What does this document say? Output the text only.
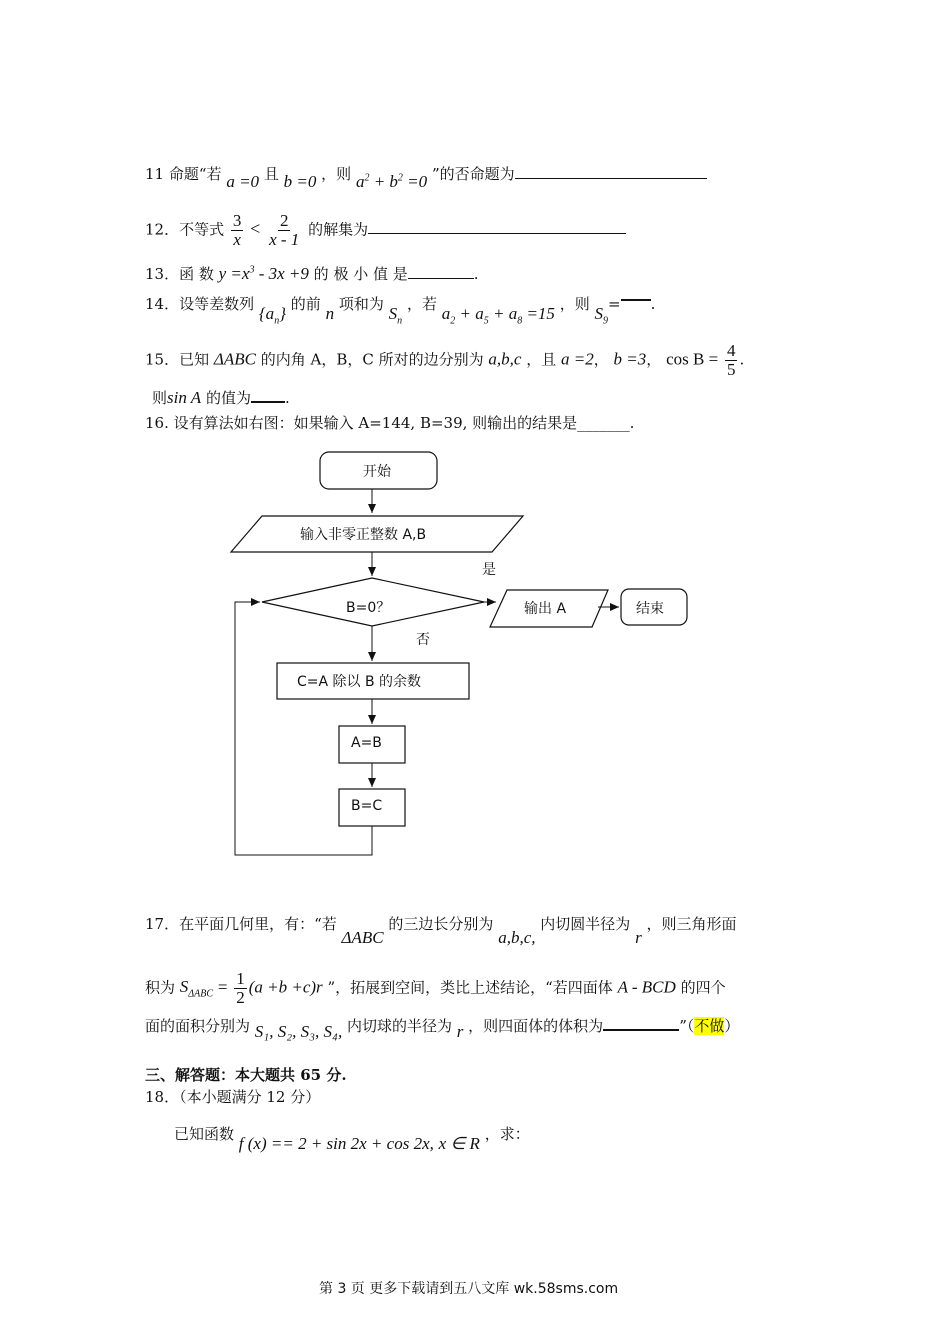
11 命题“若 a =0 且 b =0 ，则 $a^2 + b^2 =0$ ”的否命题为
12．不等式 $\frac{3}{x} < \frac{2}{x - 1}$ 的解集为
13．函 数 $y =x^3 - 3x +9$ 的 极 小 值 是	.
14．设等差数列 $\{a_n\}$ 的前 n 项和为 $S_n$ ，若 $a_2 + a_5 + a_8 =15$ ，则 $S_9=$ .
15．已知 ΔABC 的内角 A，B，C 所对的边分别为 a,b,c ，且 a =2， b =3， $\cos B = \frac{4}{5}$ .
则sin A 的值为 .
16. 设有算法如右图：如果输入 A=144, B=39, 则输出的结果是_______.
开始
输入非零正整数 A,B
是
B=0？	输出 A	结束
否
C=A 除以 B 的余数
A=B
B=C
17．在平面几何里，有：“若 ΔABC 的三边长分别为 a,b,c, 内切圆半径为 r ，则三角形面
积为 $S_{\Delta ABC} = \frac{1}{2} (a +b +c)r$ ”，拓展到空间，类比上述结论，“若四面体 A - BCD 的四个
面的面积分别为 S₁, S₂, S₃, S₄, 内切球的半径为 r ，则四面体的体积为	”（不做）
三、解答题：本大题共 65 分.
18．（本小题满分 12 分）
已知函数 f (x) == 2 + sin 2x + cos 2x, x ∈ R ，求：
第 3 页 更多下载请到五八文库 wk.58sms.com
